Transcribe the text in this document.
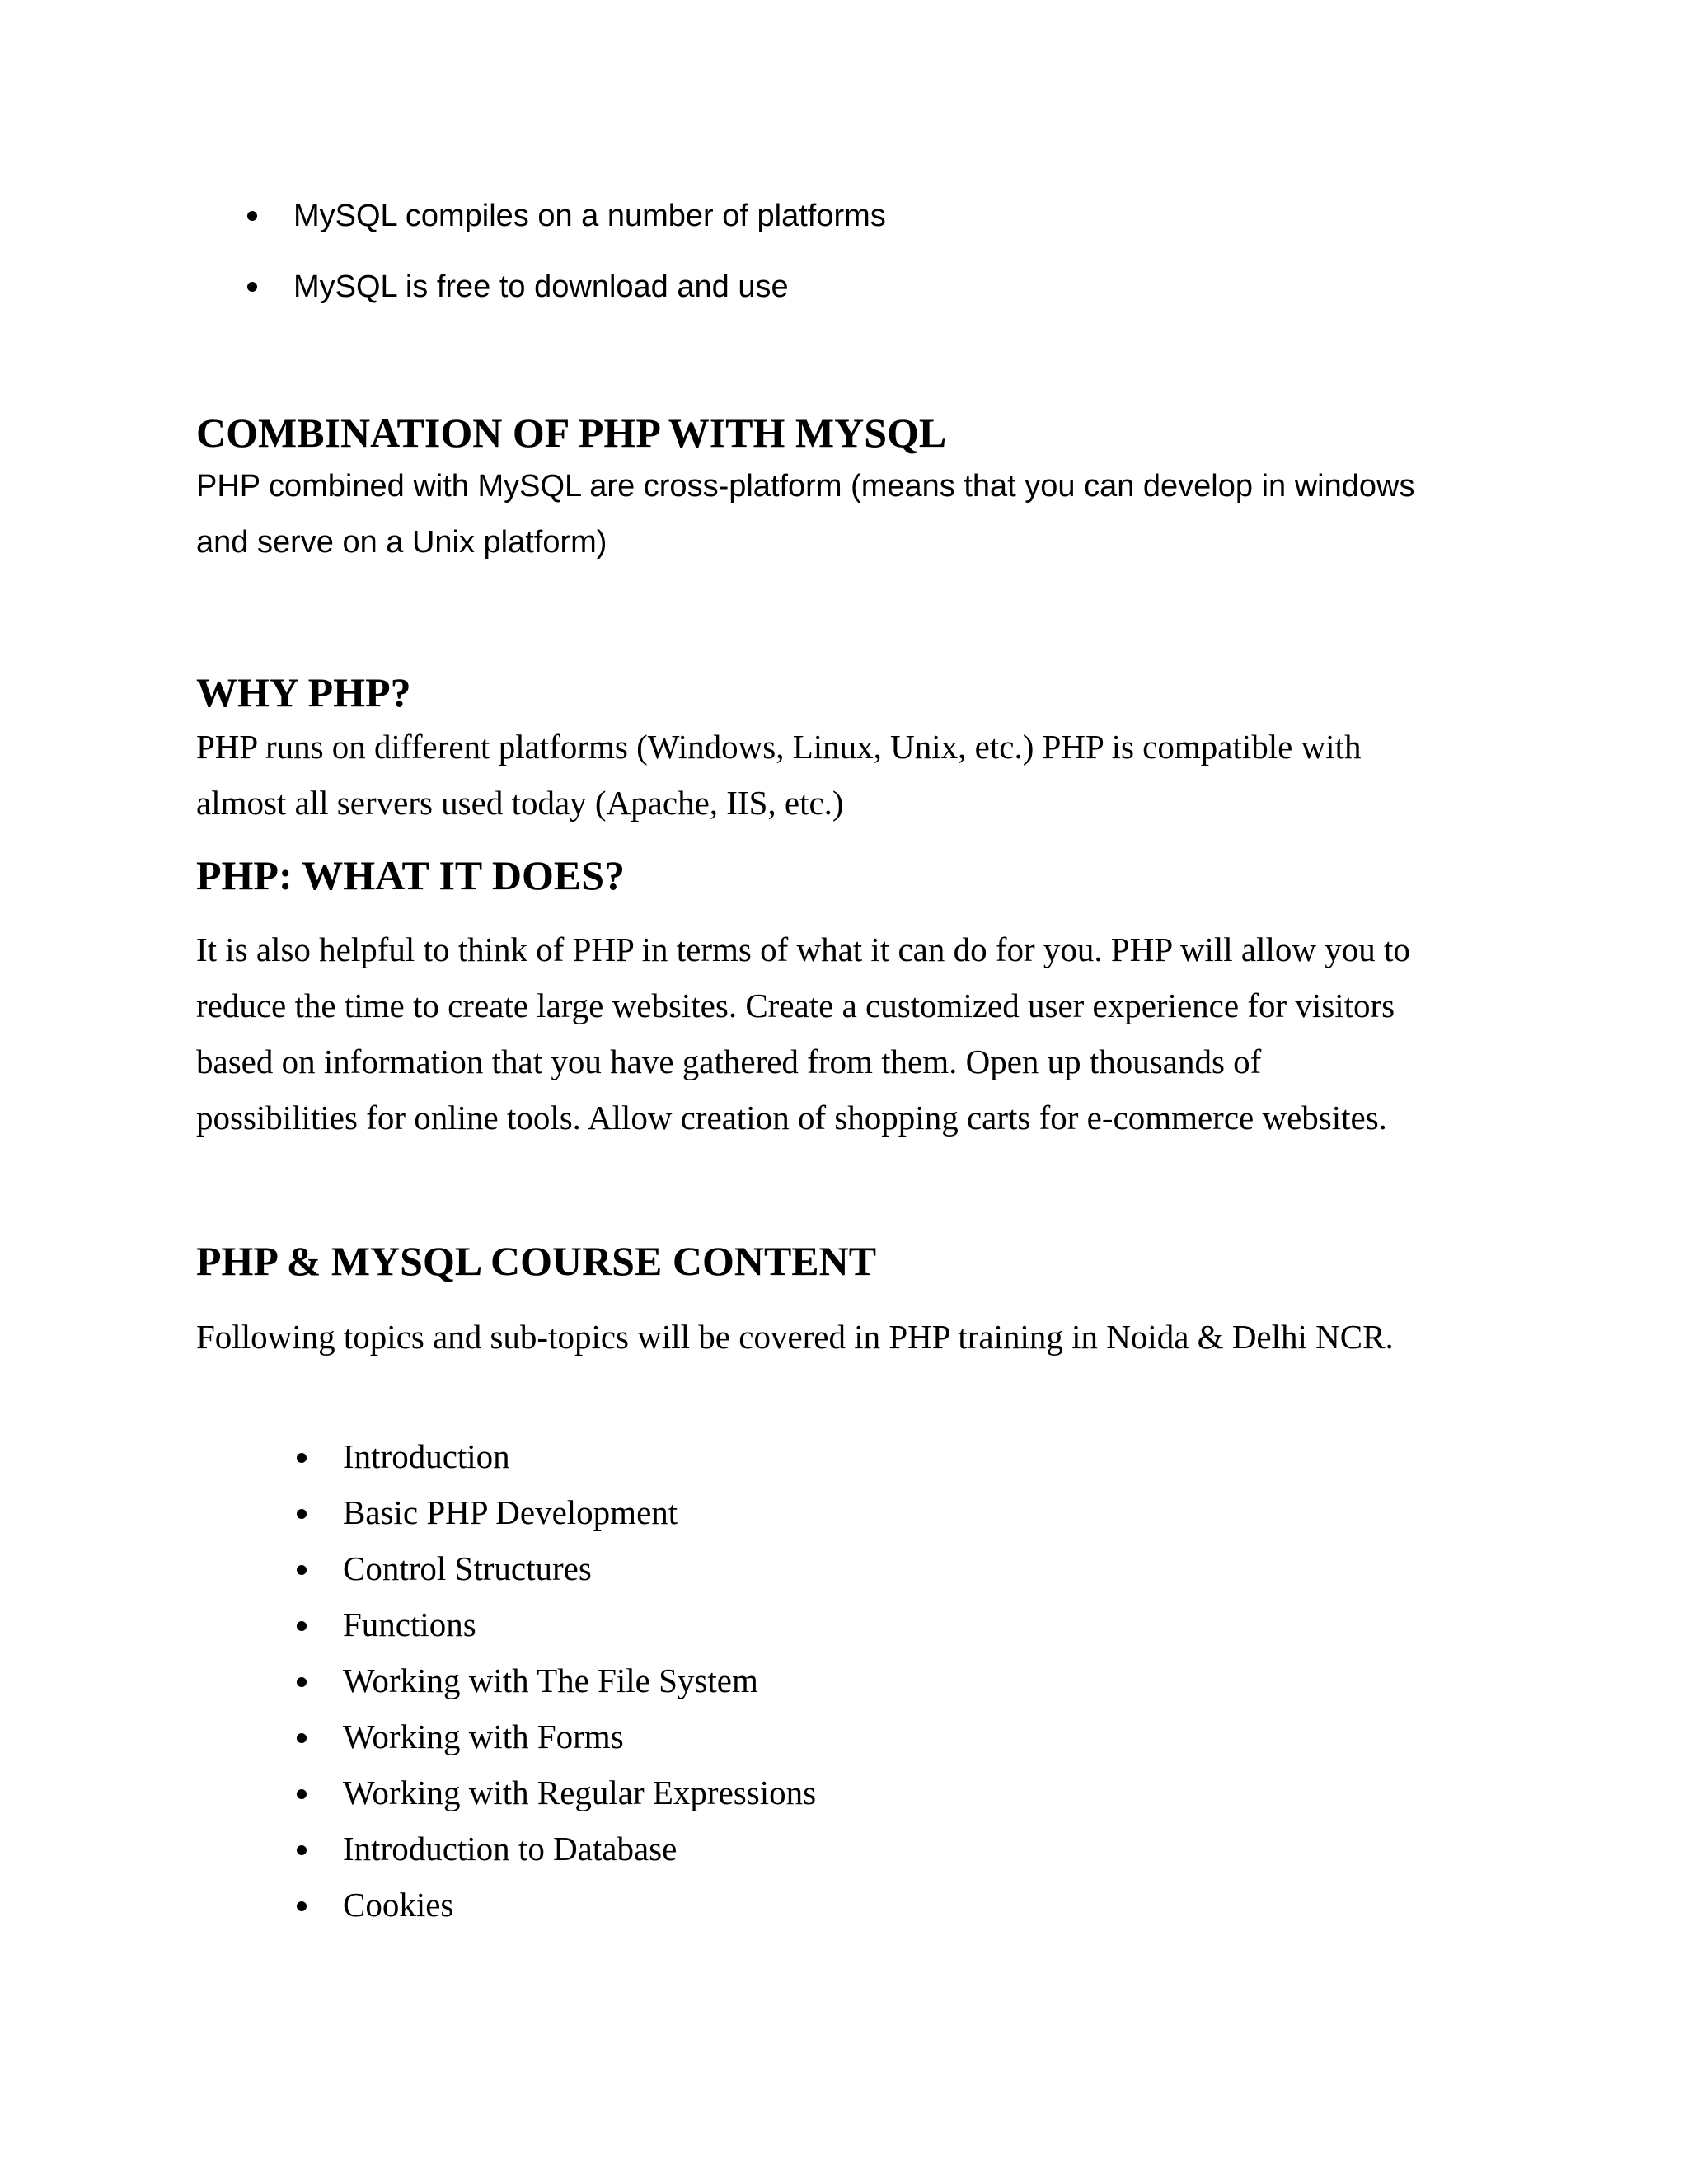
MySQL compiles on a number of platforms
MySQL is free to download and use
COMBINATION OF PHP WITH MYSQL
PHP combined with MySQL are cross-platform (means that you can develop in windows
and serve on a Unix platform)
WHY PHP?
PHP runs on different platforms (Windows, Linux, Unix, etc.) PHP is compatible with
almost all servers used today (Apache, IIS, etc.)
PHP: WHAT IT DOES?
It is also helpful to think of PHP in terms of what it can do for you. PHP will allow you to
reduce the time to create large websites. Create a customized user experience for visitors
based on information that you have gathered from them. Open up thousands of
possibilities for online tools. Allow creation of shopping carts for e-commerce websites.
PHP & MYSQL COURSE CONTENT
Following topics and sub-topics will be covered in PHP training in Noida & Delhi NCR.
Introduction
Basic PHP Development
Control Structures
Functions
Working with The File System
Working with Forms
Working with Regular Expressions
Introduction to Database
Cookies
